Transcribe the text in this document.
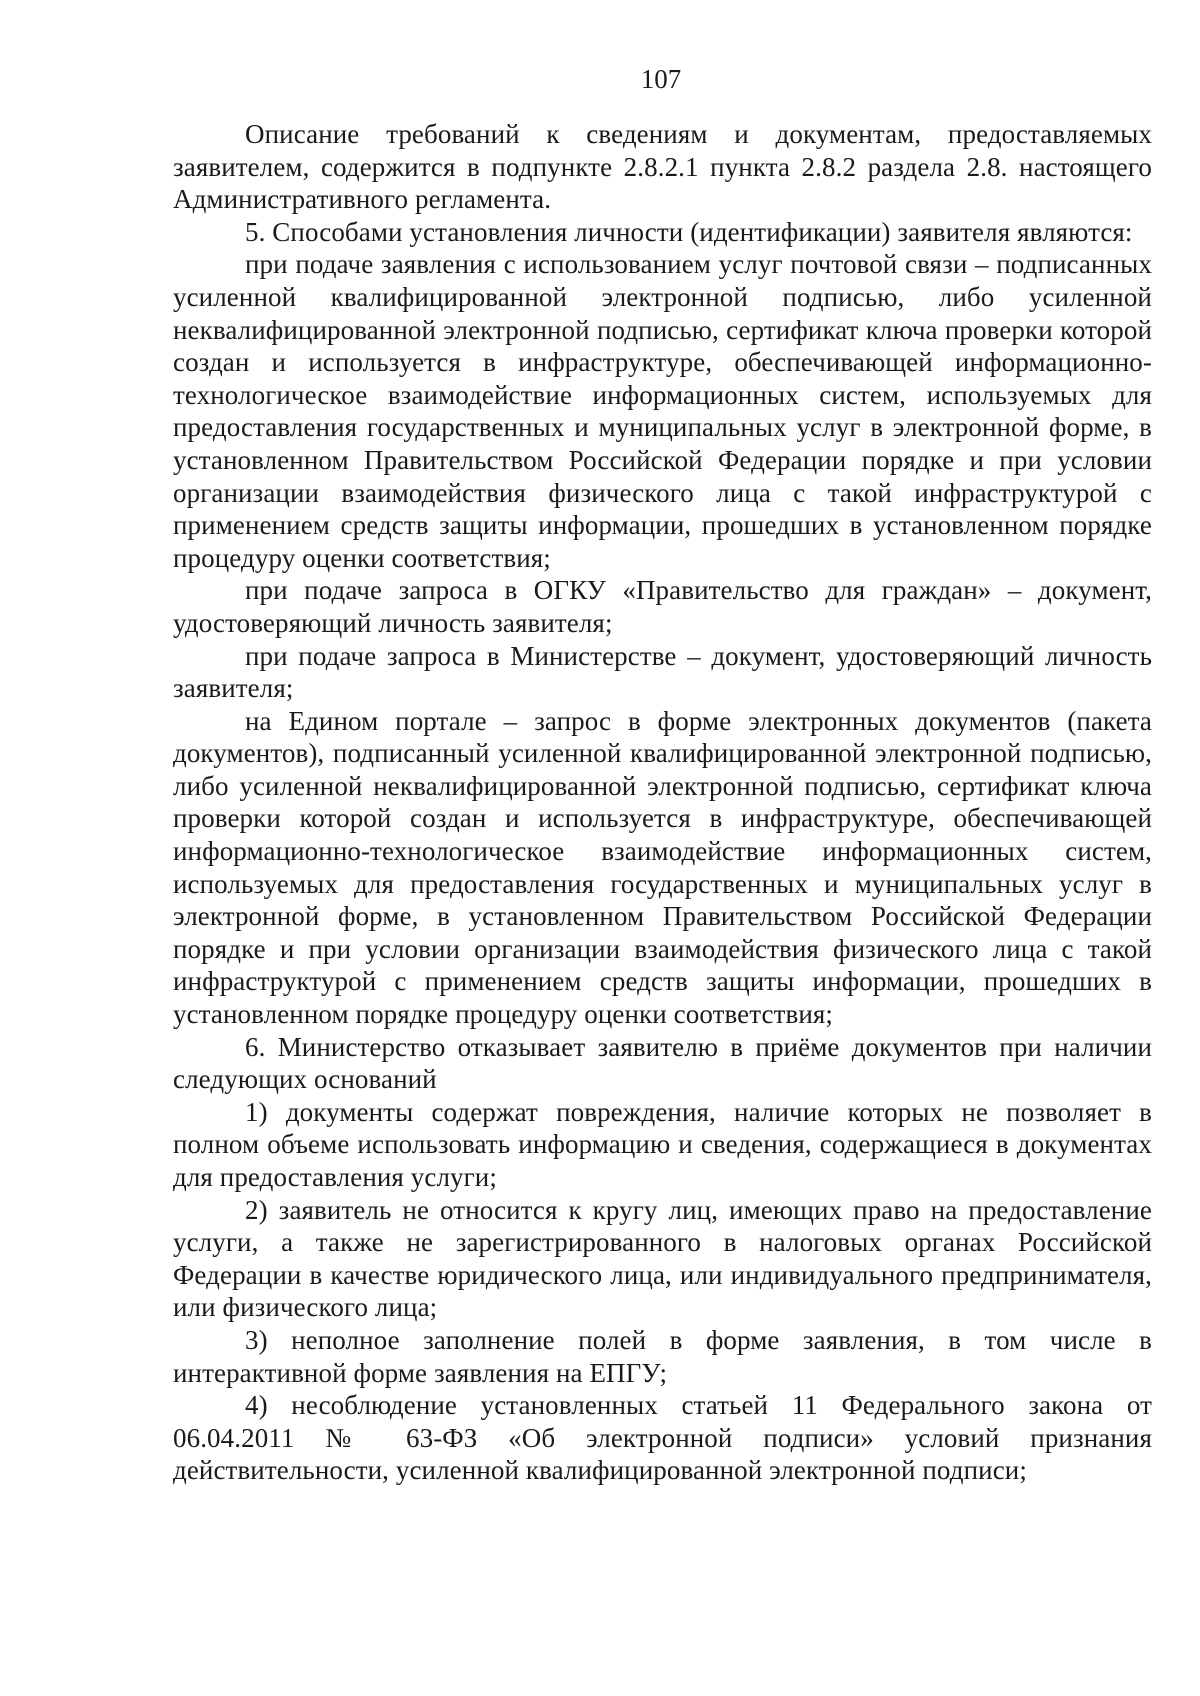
107

Описание требований к сведениям и документам, предоставляемых заявителем, содержится в подпункте 2.8.2.1 пункта 2.8.2 раздела 2.8. настоящего Административного регламента.

5. Способами установления личности (идентификации) заявителя являются:

при подаче заявления с использованием услуг почтовой связи – подписанных усиленной квалифицированной электронной подписью, либо усиленной неквалифицированной электронной подписью, сертификат ключа проверки которой создан и используется в инфраструктуре, обеспечивающей информационно-технологическое взаимодействие информационных систем, используемых для предоставления государственных и муниципальных услуг в электронной форме, в установленном Правительством Российской Федерации порядке и при условии организации взаимодействия физического лица с такой инфраструктурой с применением средств защиты информации, прошедших в установленном порядке процедуру оценки соответствия;

при подаче запроса в ОГКУ «Правительство для граждан» – документ, удостоверяющий личность заявителя;

при подаче запроса в Министерстве – документ, удостоверяющий личность заявителя;

на Едином портале – запрос в форме электронных документов (пакета документов), подписанный усиленной квалифицированной электронной подписью, либо усиленной неквалифицированной электронной подписью, сертификат ключа проверки которой создан и используется в инфраструктуре, обеспечивающей информационно-технологическое взаимодействие информационных систем, используемых для предоставления государственных и муниципальных услуг в электронной форме, в установленном Правительством Российской Федерации порядке и при условии организации взаимодействия физического лица с такой инфраструктурой с применением средств защиты информации, прошедших в установленном порядке процедуру оценки соответствия;

6. Министерство отказывает заявителю в приёме документов при наличии следующих оснований

1) документы содержат повреждения, наличие которых не позволяет в полном объеме использовать информацию и сведения, содержащиеся в документах для предоставления услуги;

2) заявитель не относится к кругу лиц, имеющих право на предоставление услуги, а также не зарегистрированного в налоговых органах Российской Федерации в качестве юридического лица, или индивидуального предпринимателя, или физического лица;

3) неполное заполнение полей в форме заявления, в том числе в интерактивной форме заявления на ЕПГУ;

4) несоблюдение установленных статьей 11 Федерального закона от 06.04.2011 № 63-ФЗ «Об электронной подписи» условий признания действительности, усиленной квалифицированной электронной подписи;
